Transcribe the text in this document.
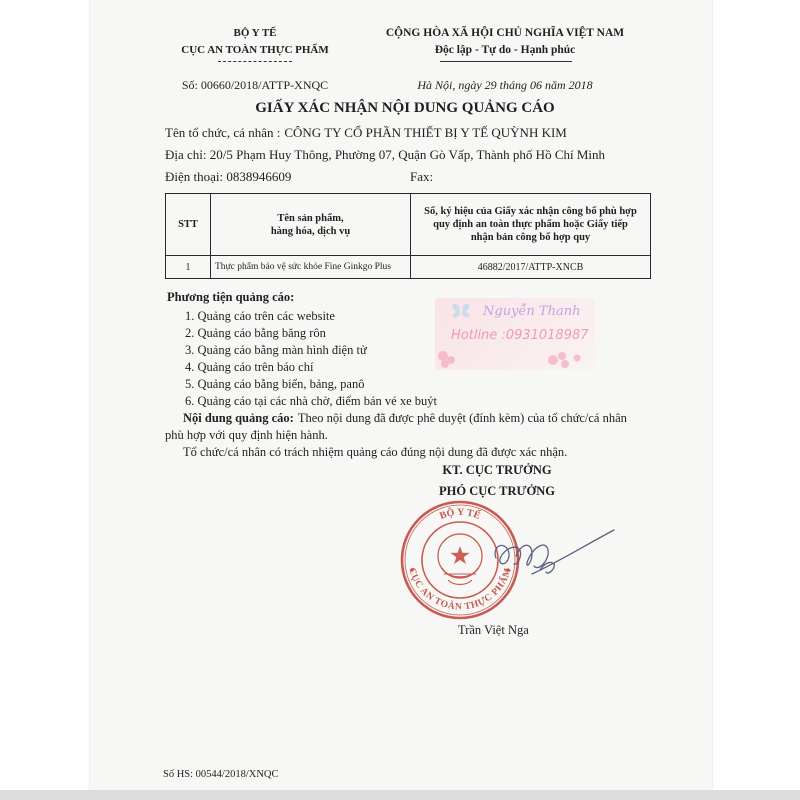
BỘ Y TẾ
CỤC AN TOÀN THỰC PHẨM
Số: 00660/2018/ATTP-XNQC
CỘNG HÒA XÃ HỘI CHỦ NGHĨA VIỆT NAM
Độc lập - Tự do - Hạnh phúc
Hà Nội, ngày 29 tháng 06 năm 2018
GIẤY XÁC NHẬN NỘI DUNG QUẢNG CÁO
Tên tổ chức, cá nhân : CÔNG TY CỔ PHẦN THIẾT BỊ Y TẾ QUỲNH KIM
Địa chỉ: 20/5 Phạm Huy Thông, Phường 07, Quận Gò Vấp, Thành phố Hồ Chí Minh
Điện thoại: 0838946609	Fax:
STT	Tên sản phẩm, hàng hóa, dịch vụ	Số, ký hiệu của Giấy xác nhận công bố phù hợp quy định an toàn thực phẩm hoặc Giấy tiếp nhận bản công bố hợp quy
1	Thực phẩm bảo vệ sức khỏe Fine Ginkgo Plus	46882/2017/ATTP-XNCB
Phương tiện quảng cáo:
1. Quảng cáo trên các website
2. Quảng cáo bằng băng rôn
3. Quảng cáo bằng màn hình điện tử
4. Quảng cáo trên báo chí
5. Quảng cáo bằng biển, bảng, panô
6. Quảng cáo tại các nhà chờ, điểm bán vé xe buýt
Nguyễn Thanh
Hotline :0931018987
Nội dung quảng cáo: Theo nội dung đã được phê duyệt (đính kèm) của tổ chức/cá nhân phù hợp với quy định hiện hành.
Tổ chức/cá nhân có trách nhiệm quảng cáo đúng nội dung đã được xác nhận.
KT. CỤC TRƯỞNG
PHÓ CỤC TRƯỞNG
BỘ Y TẾ
CỤC AN TOÀN THỰC PHẨM
Trần Việt Nga
Số HS: 00544/2018/XNQC
